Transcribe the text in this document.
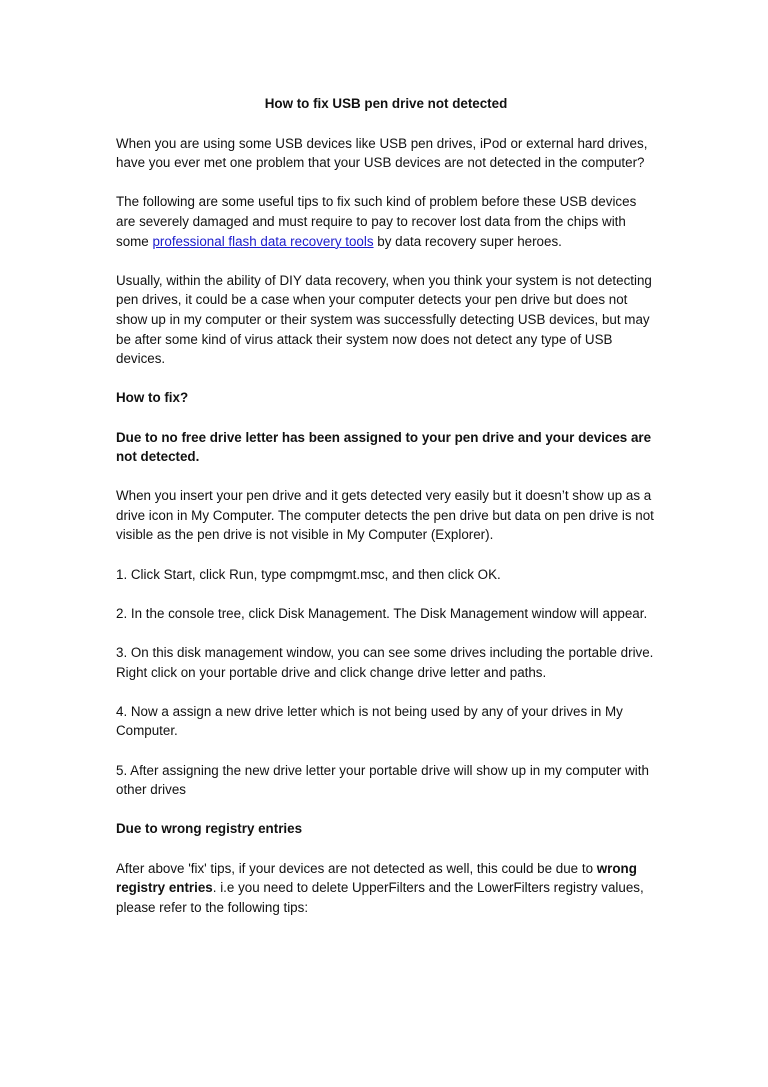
How to fix USB pen drive not detected

When you are using some USB devices like USB pen drives, iPod or external hard drives, have you ever met one problem that your USB devices are not detected in the computer?

The following are some useful tips to fix such kind of problem before these USB devices are severely damaged and must require to pay to recover lost data from the chips with some professional flash data recovery tools by data recovery super heroes.

Usually, within the ability of DIY data recovery, when you think your system is not detecting pen drives, it could be a case when your computer detects your pen drive but does not show up in my computer or their system was successfully detecting USB devices, but may be after some kind of virus attack their system now does not detect any type of USB devices.

How to fix?

Due to no free drive letter has been assigned to your pen drive and your devices are not detected.

When you insert your pen drive and it gets detected very easily but it doesn’t show up as a drive icon in My Computer. The computer detects the pen drive but data on pen drive is not visible as the pen drive is not visible in My Computer (Explorer).

1. Click Start, click Run, type compmgmt.msc, and then click OK.

2. In the console tree, click Disk Management. The Disk Management window will appear.

3. On this disk management window, you can see some drives including the portable drive. Right click on your portable drive and click change drive letter and paths.

4. Now a assign a new drive letter which is not being used by any of your drives in My Computer.

5. After assigning the new drive letter your portable drive will show up in my computer with other drives

Due to wrong registry entries

After above 'fix' tips, if your devices are not detected as well, this could be due to wrong registry entries. i.e you need to delete UpperFilters and the LowerFilters registry values, please refer to the following tips:
